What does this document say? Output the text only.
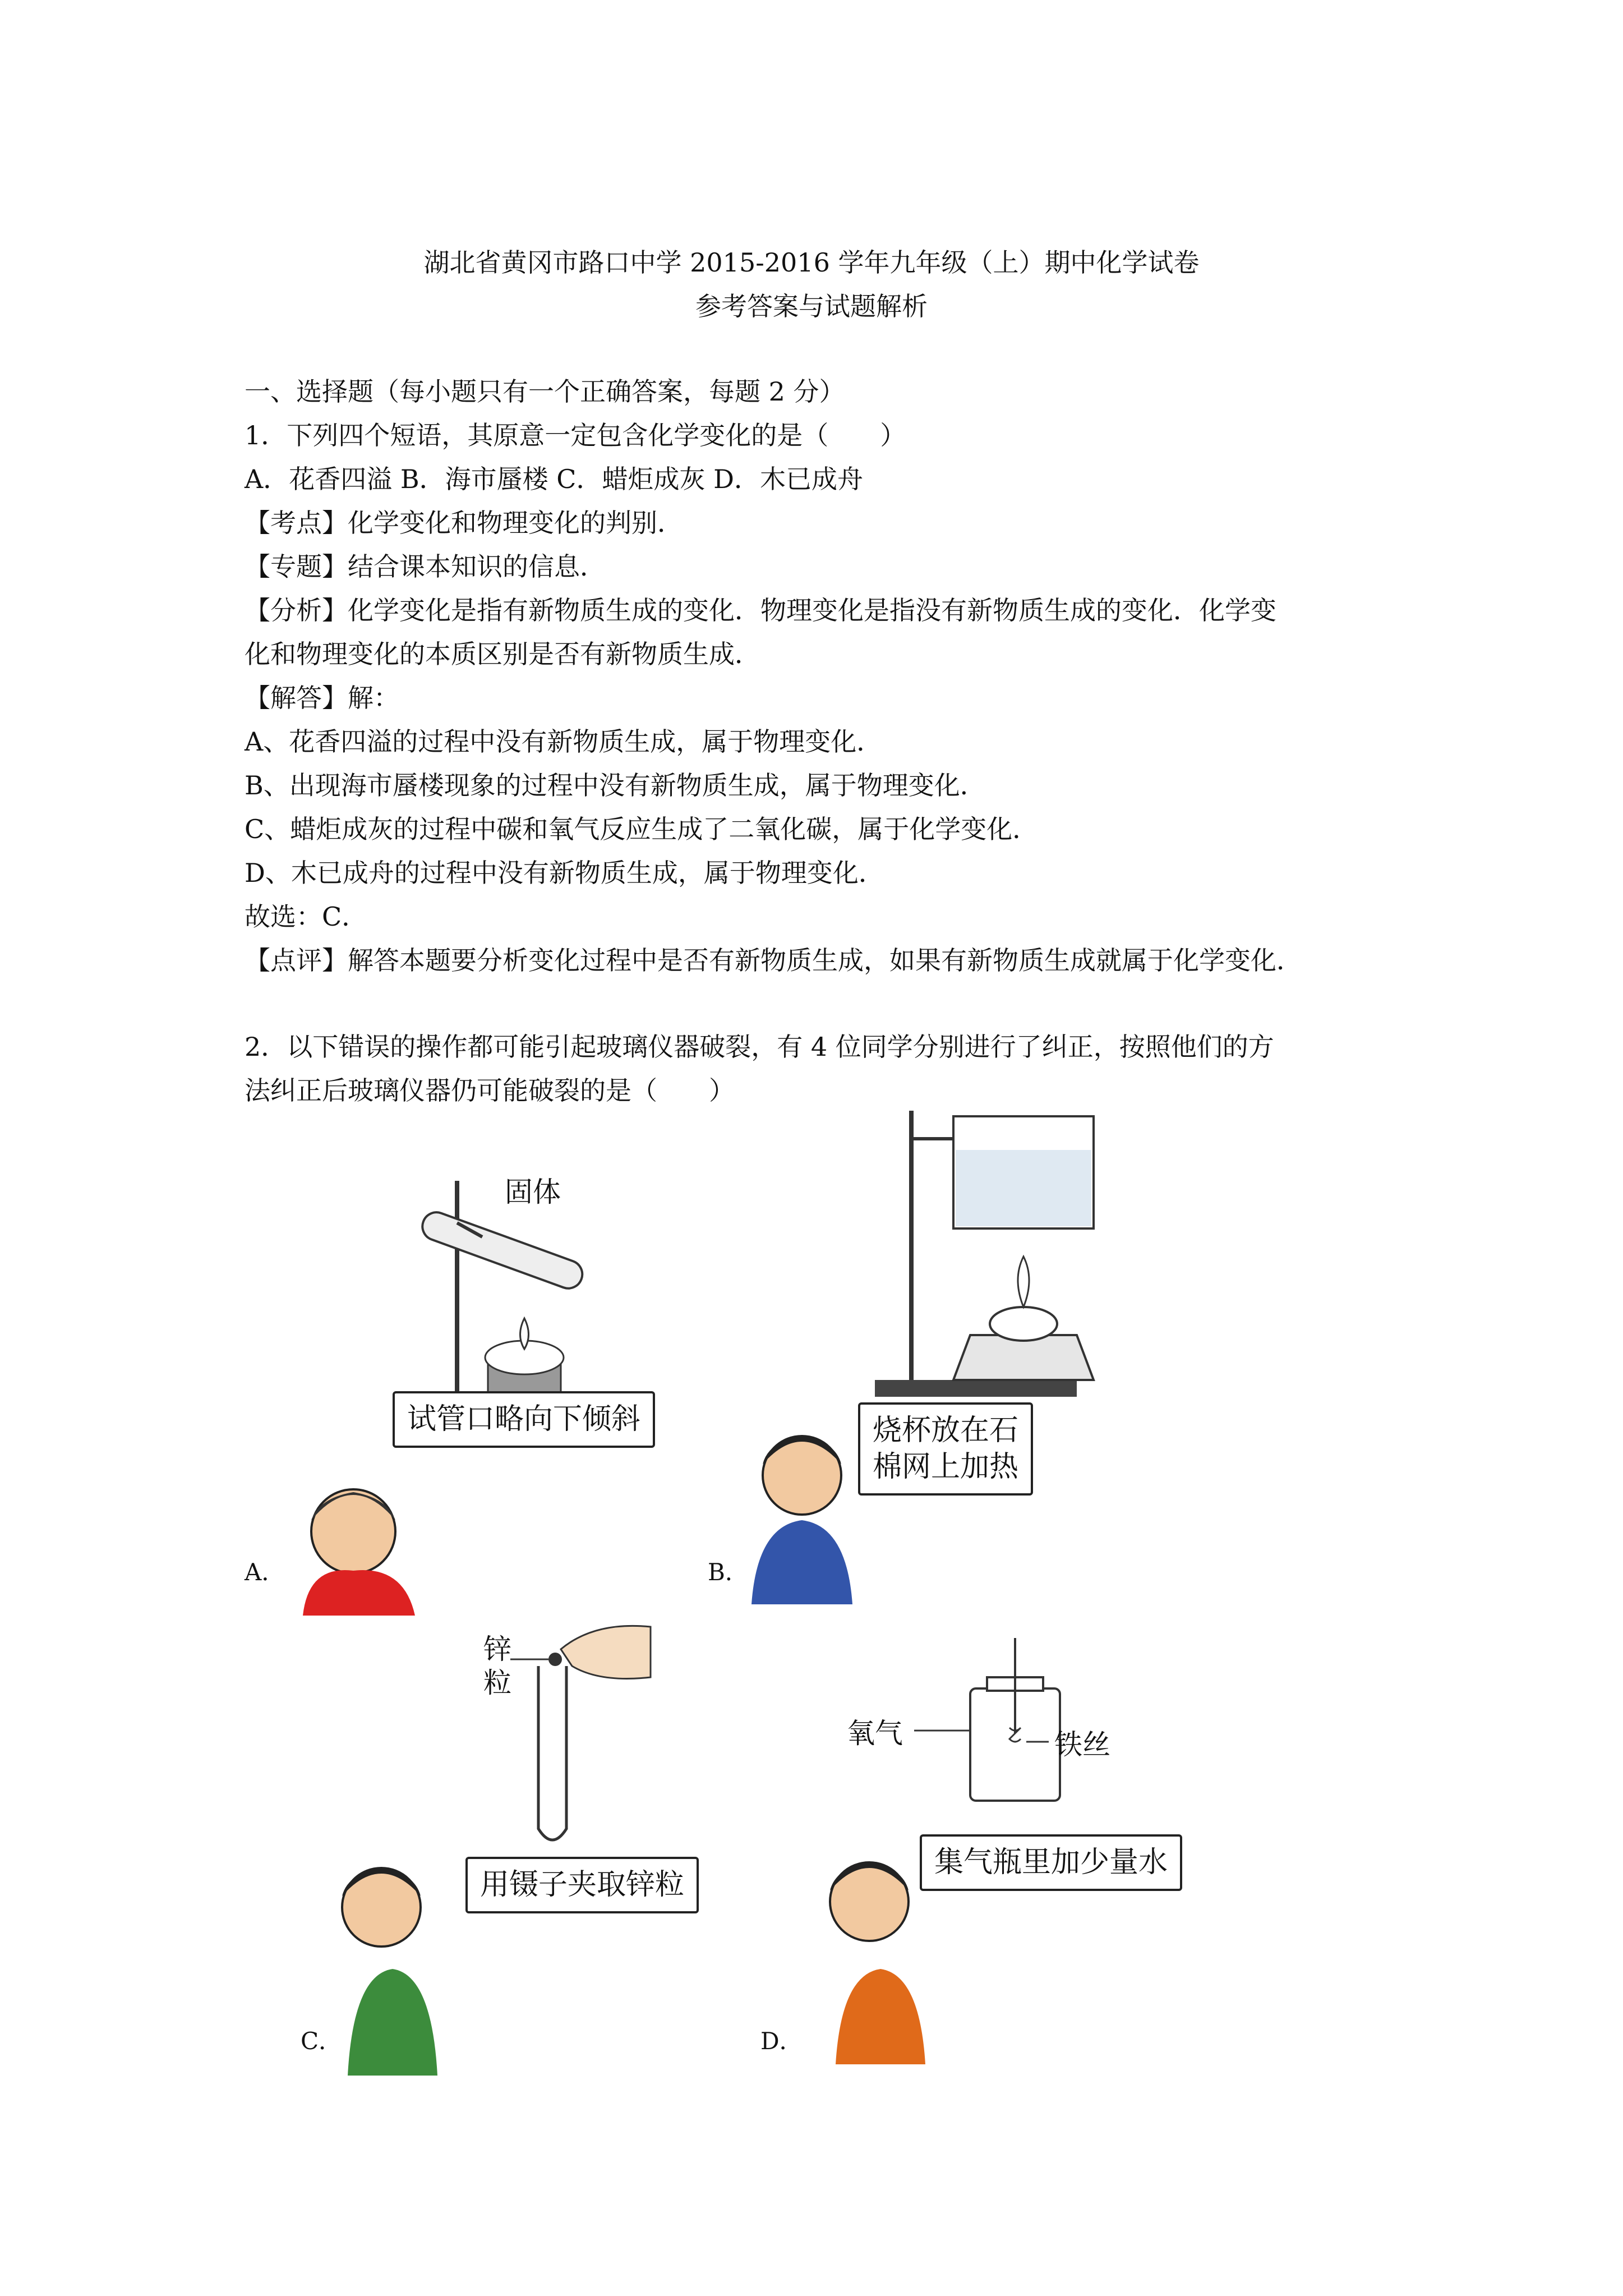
湖北省黄冈市路口中学 2015-2016 学年九年级（上）期中化学试卷
参考答案与试题解析
一、选择题（每小题只有一个正确答案，每题 2 分）
1．下列四个短语，其原意一定包含化学变化的是（　　）
A．花香四溢 B．海市蜃楼 C．蜡炬成灰 D．木已成舟
【考点】化学变化和物理变化的判别．
【专题】结合课本知识的信息．
【分析】化学变化是指有新物质生成的变化．物理变化是指没有新物质生成的变化．化学变
化和物理变化的本质区别是否有新物质生成．
【解答】解：
A、花香四溢的过程中没有新物质生成，属于物理变化．
B、出现海市蜃楼现象的过程中没有新物质生成，属于物理变化．
C、蜡炬成灰的过程中碳和氧气反应生成了二氧化碳，属于化学变化．
D、木已成舟的过程中没有新物质生成，属于物理变化．
故选：C．
【点评】解答本题要分析变化过程中是否有新物质生成，如果有新物质生成就属于化学变化．
2．以下错误的操作都可能引起玻璃仪器破裂，有 4 位同学分别进行了纠正，按照他们的方
法纠正后玻璃仪器仍可能破裂的是（　　）
固体
试管口略向下倾斜
A．
烧杯放在石
棉网上加热
B．
锌
粒
用镊子夹取锌粒
C．
氧气	铁丝
集气瓶里加少量水
D．
